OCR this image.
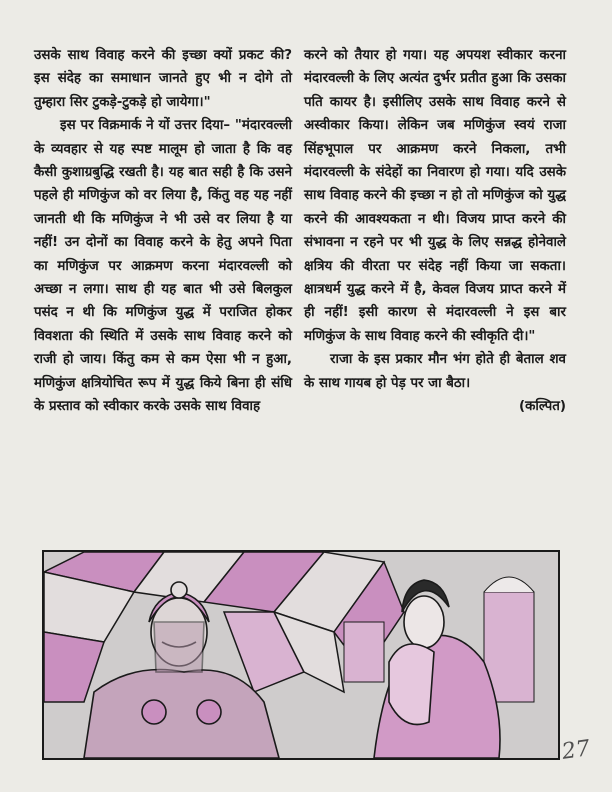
उसके साथ विवाह करने की इच्छा क्यों प्रकट की? इस संदेह का समाधान जानते हुए भी न दोगे तो तुम्हारा सिर टुकड़े-टुकड़े हो जायेगा।"

इस पर विक्रमार्क ने यों उत्तर दिया– "मंदारवल्ली के व्यवहार से यह स्पष्ट मालूम हो जाता है कि वह कैसी कुशाग्रबुद्धि रखती है। यह बात सही है कि उसने पहले ही मणिकुंज को वर लिया है, किंतु वह यह नहीं जानती थी कि मणिकुंज ने भी उसे वर लिया है या नहीं! उन दोनों का विवाह करने के हेतु अपने पिता का मणिकुंज पर आक्रमण करना मंदारवल्ली को अच्छा न लगा। साथ ही यह बात भी उसे बिलकुल पसंद न थी कि मणिकुंज युद्ध में पराजित होकर विवशता की स्थिति में उसके साथ विवाह करने को राजी हो जाय। किंतु कम से कम ऐसा भी न हुआ, मणिकुंज क्षत्रियोचित रूप में युद्ध किये बिना ही संधि के प्रस्ताव को स्वीकार करके उसके साथ विवाह

करने को तैयार हो गया। यह अपयश स्वीकार करना मंदारवल्ली के लिए अत्यंत दुर्भर प्रतीत हुआ कि उसका पति कायर है। इसीलिए उसके साथ विवाह करने से अस्वीकार किया। लेकिन जब मणिकुंज स्वयं राजा सिंहभूपाल पर आक्रमण करने निकला, तभी मंदारवल्ली के संदेहों का निवारण हो गया। यदि उसके साथ विवाह करने की इच्छा न हो तो मणिकुंज को युद्ध करने की आवश्यकता न थी। विजय प्राप्त करने की संभावना न रहने पर भी युद्ध के लिए सन्नद्ध होनेवाले क्षत्रिय की वीरता पर संदेह नहीं किया जा सकता। क्षात्रधर्म युद्ध करने में है, केवल विजय प्राप्त करने में ही नहीं! इसी कारण से मंदारवल्ली ने इस बार मणिकुंज के साथ विवाह करने की स्वीकृति दी।"

राजा के इस प्रकार मौन भंग होते ही बेताल शव के साथ गायब हो पेड़ पर जा बैठा।

(कल्पित)
27
